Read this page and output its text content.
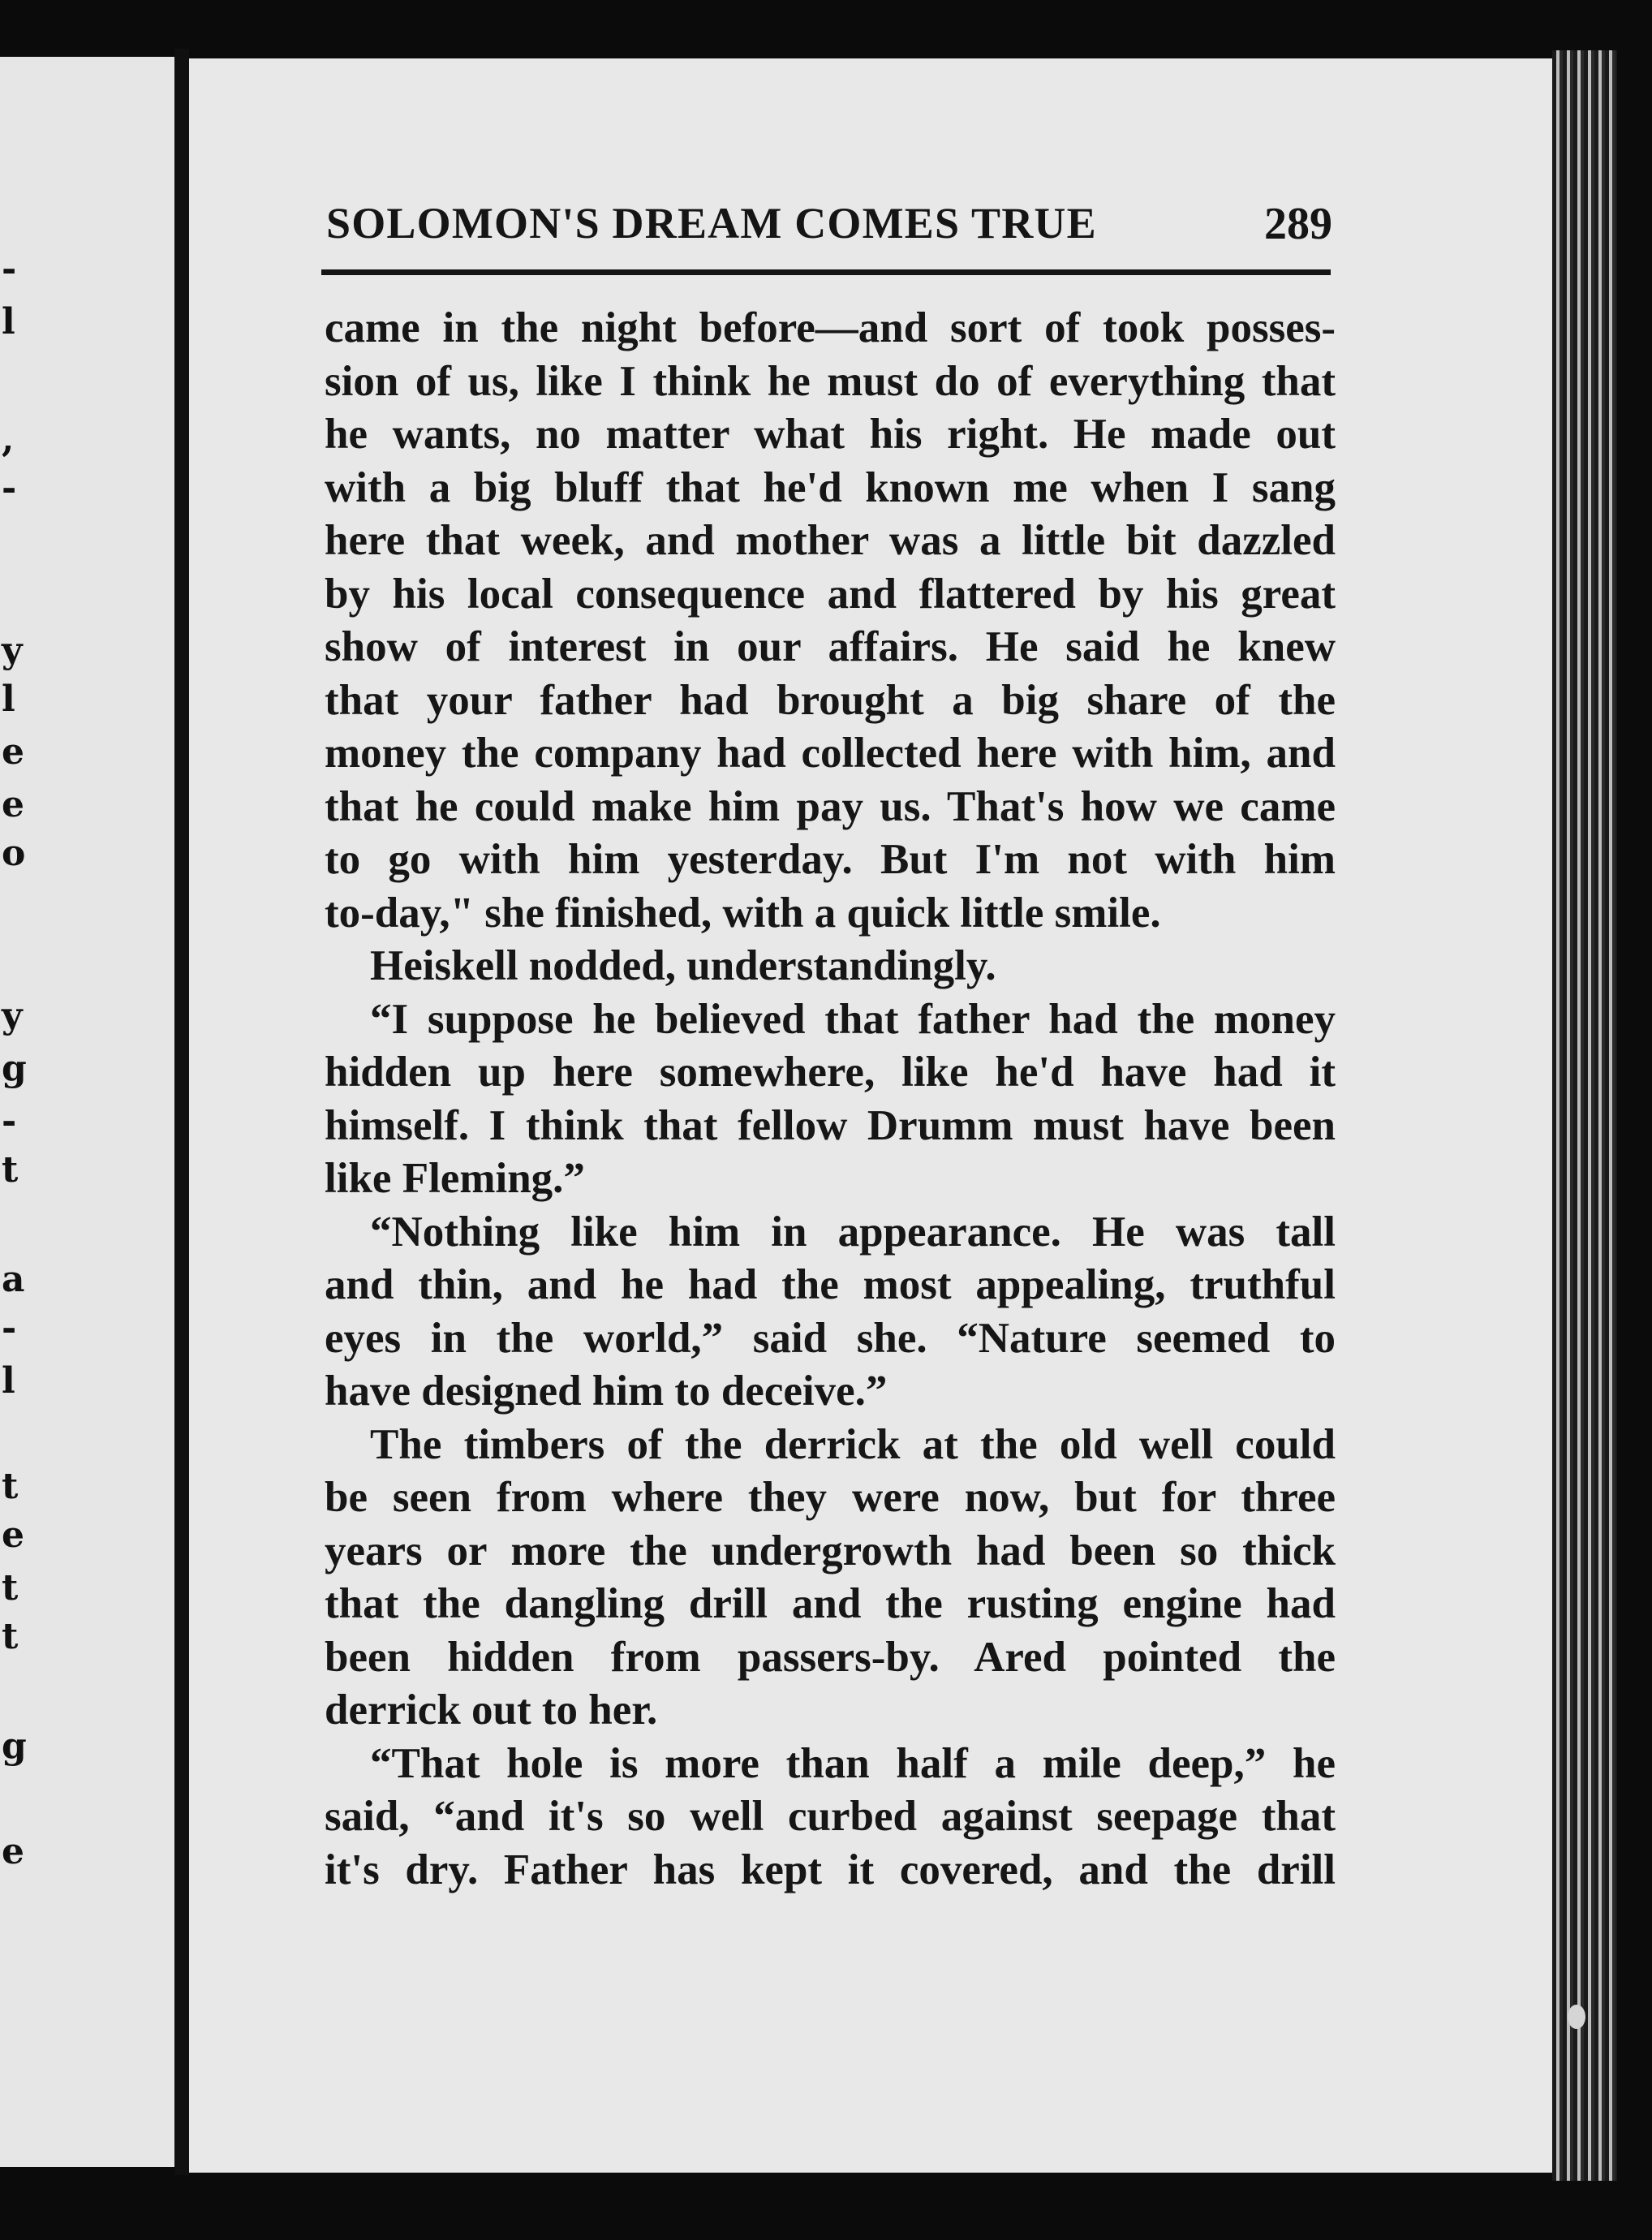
-
l
,
-
y
l
e
e
o
y
g
-
t
a
-
l
t
e
t
t
g
e
SOLOMON'S DREAM COMES TRUE	289
came in the night before—and sort of took posses-
sion of us, like I think he must do of everything that
he wants, no matter what his right. He made out
with a big bluff that he'd known me when I sang
here that week, and mother was a little bit dazzled
by his local consequence and flattered by his great
show of interest in our affairs. He said he knew
that your father had brought a big share of the
money the company had collected here with him, and
that he could make him pay us. That's how we came
to go with him yesterday. But I'm not with him
to-day," she finished, with a quick little smile.
Heiskell nodded, understandingly.
“I suppose he believed that father had the money
hidden up here somewhere, like he'd have had it
himself. I think that fellow Drumm must have been
like Fleming.”
“Nothing like him in appearance. He was tall
and thin, and he had the most appealing, truthful
eyes in the world,” said she. “Nature seemed to
have designed him to deceive.”
The timbers of the derrick at the old well could
be seen from where they were now, but for three
years or more the undergrowth had been so thick
that the dangling drill and the rusting engine had
been hidden from passers-by. Ared pointed the
derrick out to her.
“That hole is more than half a mile deep,” he
said, “and it's so well curbed against seepage that
it's dry. Father has kept it covered, and the drill
